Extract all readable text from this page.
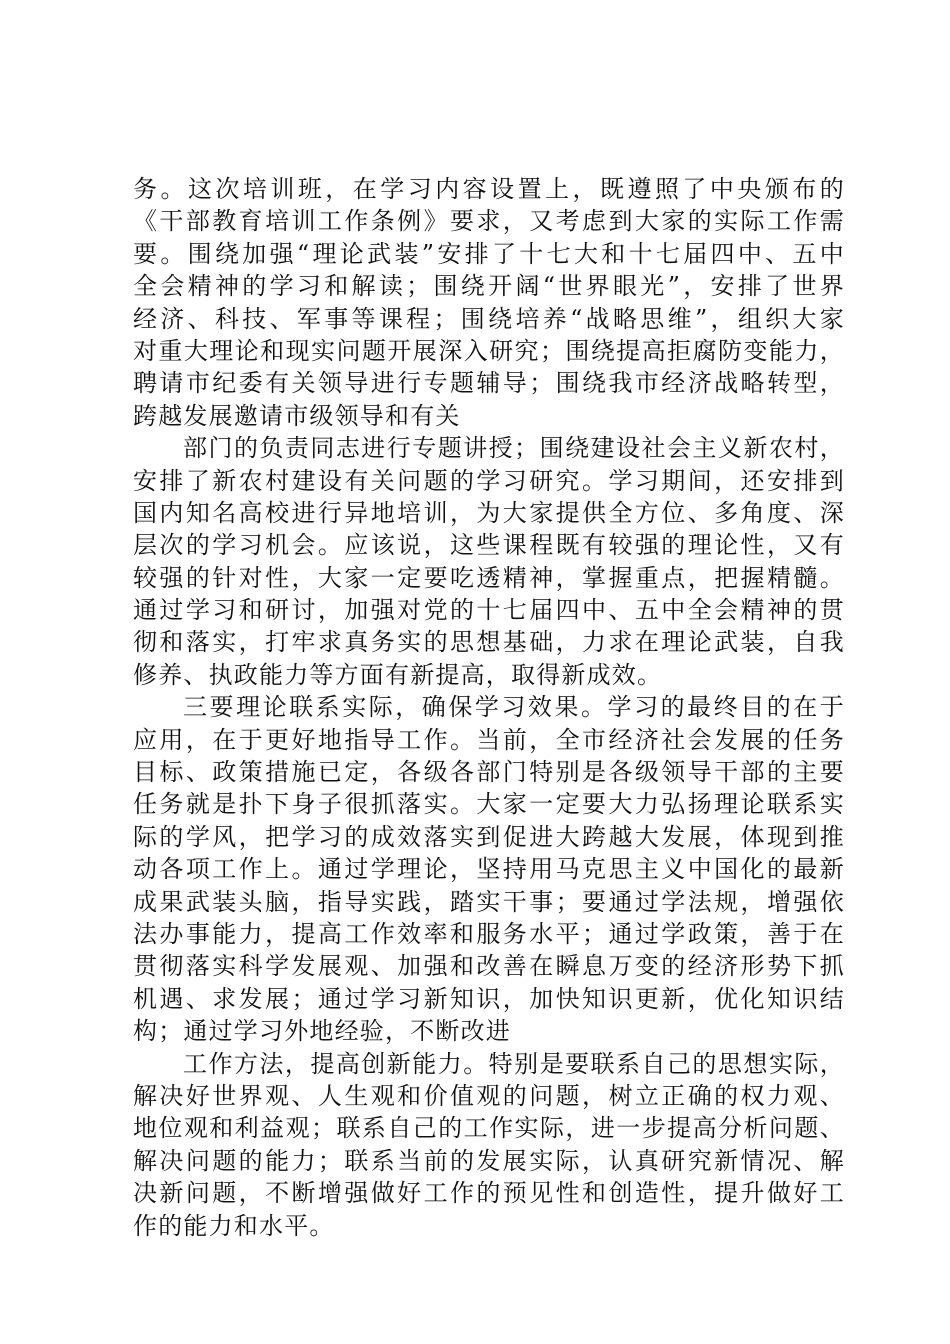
务。这次培训班，在学习内容设置上，既遵照了中央颁布的
《干部教育培训工作条例》要求，又考虑到大家的实际工作需
要。围绕加强“理论武装”安排了十七大和十七届四中、五中
全会精神的学习和解读；围绕开阔“世界眼光”，安排了世界
经济、科技、军事等课程；围绕培养“战略思维”，组织大家
对重大理论和现实问题开展深入研究；围绕提高拒腐防变能力，
聘请市纪委有关领导进行专题辅导；围绕我市经济战略转型，
跨越发展邀请市级领导和有关
部门的负责同志进行专题讲授；围绕建设社会主义新农村，
安排了新农村建设有关问题的学习研究。学习期间，还安排到
国内知名高校进行异地培训，为大家提供全方位、多角度、深
层次的学习机会。应该说，这些课程既有较强的理论性，又有
较强的针对性，大家一定要吃透精神，掌握重点，把握精髓。
通过学习和研讨，加强对党的十七届四中、五中全会精神的贯
彻和落实，打牢求真务实的思想基础，力求在理论武装，自我
修养、执政能力等方面有新提高，取得新成效。
三要理论联系实际，确保学习效果。学习的最终目的在于
应用，在于更好地指导工作。当前，全市经济社会发展的任务
目标、政策措施已定，各级各部门特别是各级领导干部的主要
任务就是扑下身子很抓落实。大家一定要大力弘扬理论联系实
际的学风，把学习的成效落实到促进大跨越大发展，体现到推
动各项工作上。通过学理论，坚持用马克思主义中国化的最新
成果武装头脑，指导实践，踏实干事；要通过学法规，增强依
法办事能力，提高工作效率和服务水平；通过学政策，善于在
贯彻落实科学发展观、加强和改善在瞬息万变的经济形势下抓
机遇、求发展；通过学习新知识，加快知识更新，优化知识结
构；通过学习外地经验，不断改进
工作方法，提高创新能力。特别是要联系自己的思想实际，
解决好世界观、人生观和价值观的问题，树立正确的权力观、
地位观和利益观；联系自己的工作实际，进一步提高分析问题、
解决问题的能力；联系当前的发展实际，认真研究新情况、解
决新问题，不断增强做好工作的预见性和创造性，提升做好工
作的能力和水平。
